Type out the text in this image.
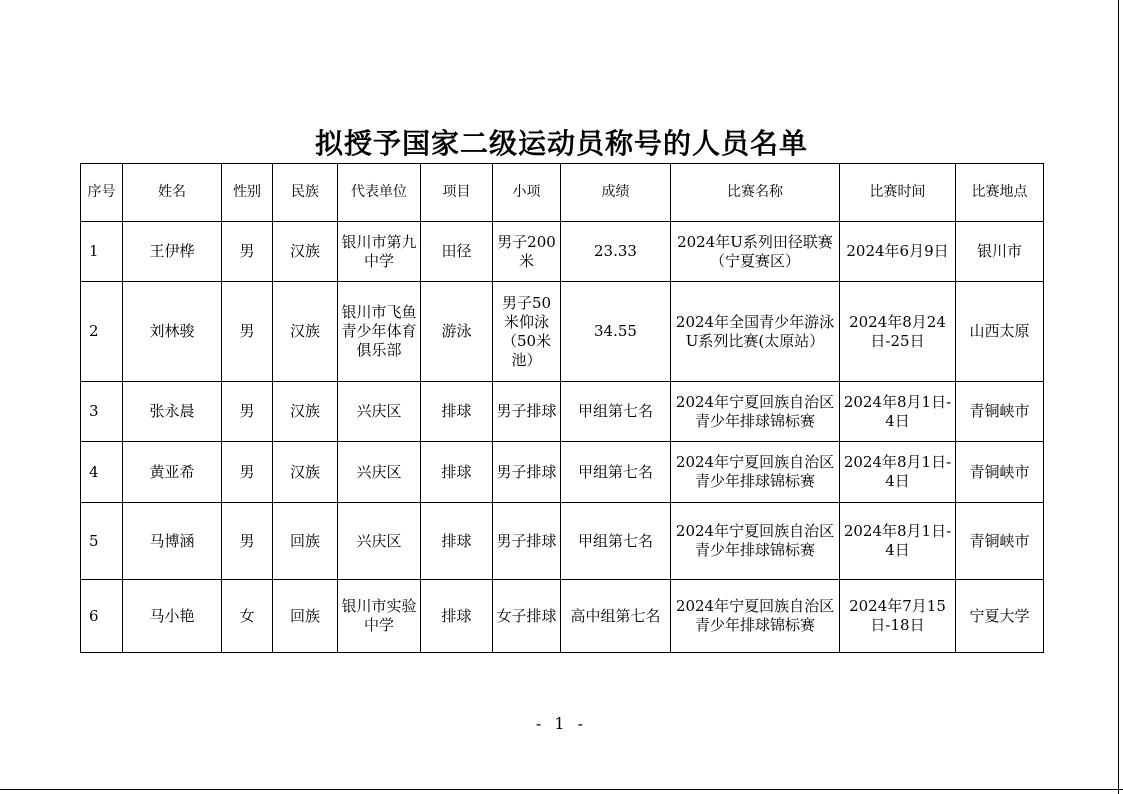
拟授予国家二级运动员称号的人员名单
序号	姓名	性别	民族	代表单位	项目	小项	成绩	比赛名称	比赛时间	比赛地点
1	王伊桦	男	汉族	银川市第九中学	田径	男子200米	23.33	2024年U系列田径联赛（宁夏赛区）	2024年6月9日	银川市
2	刘林骏	男	汉族	银川市飞鱼青少年体育俱乐部	游泳	男子50米仰泳（50米池）	34.55	2024年全国青少年游泳U系列比赛(太原站）	2024年8月24日-25日	山西太原
3	张永晨	男	汉族	兴庆区	排球	男子排球	甲组第七名	2024年宁夏回族自治区青少年排球锦标赛	2024年8月1日-4日	青铜峡市
4	黄亚希	男	汉族	兴庆区	排球	男子排球	甲组第七名	2024年宁夏回族自治区青少年排球锦标赛	2024年8月1日-4日	青铜峡市
5	马博涵	男	回族	兴庆区	排球	男子排球	甲组第七名	2024年宁夏回族自治区青少年排球锦标赛	2024年8月1日-4日	青铜峡市
6	马小艳	女	回族	银川市实验中学	排球	女子排球	高中组第七名	2024年宁夏回族自治区青少年排球锦标赛	2024年7月15日-18日	宁夏大学
- 1 -
